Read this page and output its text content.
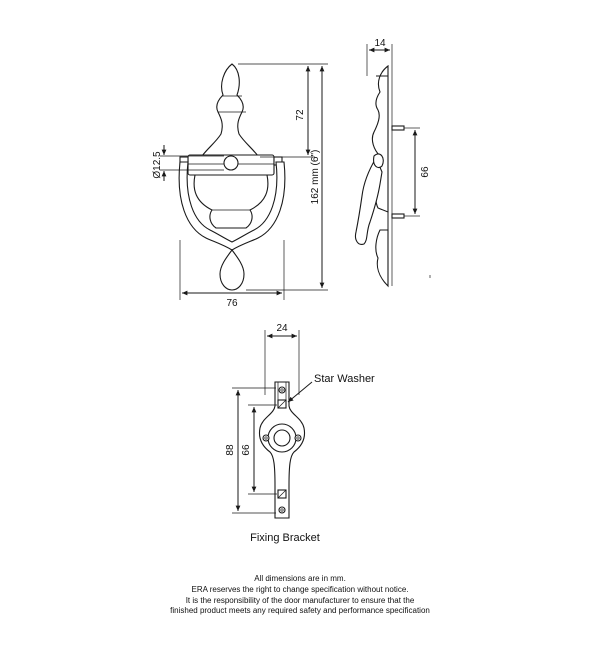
76
162 mm (6")
72
Ø12.5
14
66
24
88 66
Star Washer
Fixing Bracket
All dimensions are in mm.
ERA reserves the right to change specification without notice.
It is the responsibility of the door manufacturer to ensure that the
finished product meets any required safety and performance specification
